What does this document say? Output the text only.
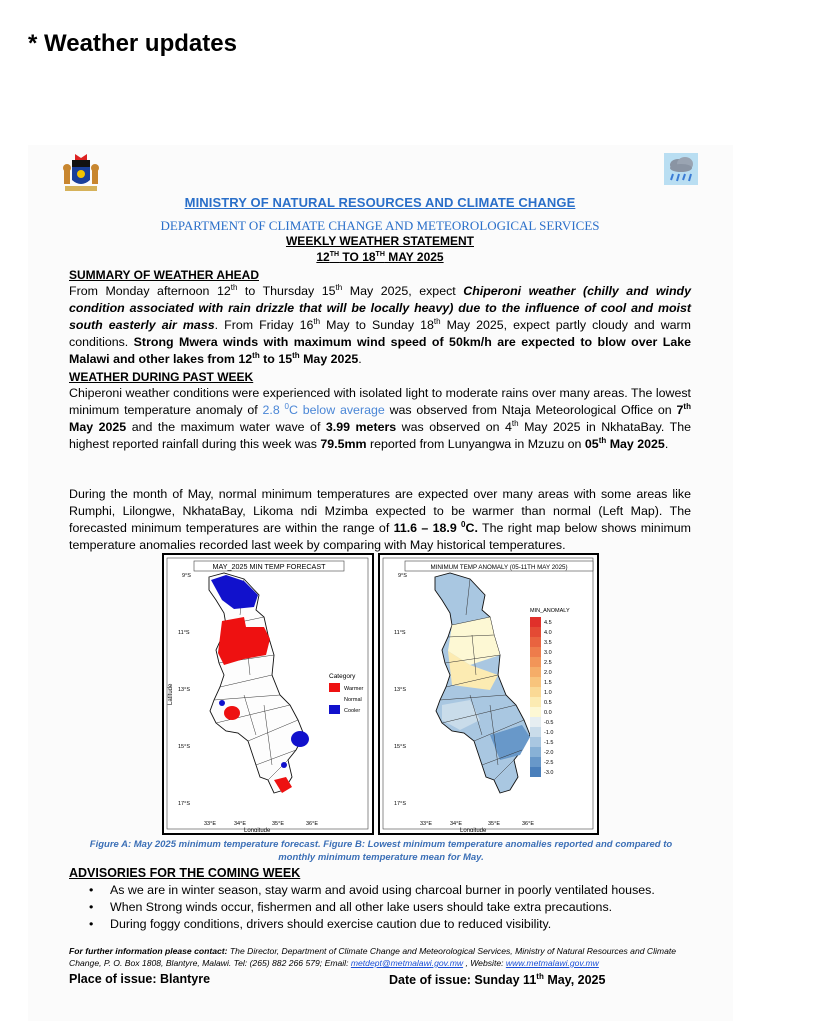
* Weather updates
MINISTRY OF NATURAL RESOURCES AND CLIMATE CHANGE
DEPARTMENT OF CLIMATE CHANGE AND METEOROLOGICAL SERVICES
WEEKLY WEATHER STATEMENT
12TH TO 18TH MAY 2025
SUMMARY OF WEATHER AHEAD
From Monday afternoon 12th to Thursday 15th May 2025, expect Chiperoni weather (chilly and windy condition associated with rain drizzle that will be locally heavy) due to the influence of cool and moist south easterly air mass. From Friday 16th May to Sunday 18th May 2025, expect partly cloudy and warm conditions. Strong Mwera winds with maximum wind speed of 50km/h are expected to blow over Lake Malawi and other lakes from 12th to 15th May 2025.
WEATHER DURING PAST WEEK
Chiperoni weather conditions were experienced with isolated light to moderate rains over many areas. The lowest minimum temperature anomaly of 2.8 $^0$C below average was observed from Ntaja Meteorological Office on 7th May 2025 and the maximum water wave of 3.99 meters was observed on 4th May 2025 in NkhataBay. The highest reported rainfall during this week was 79.5mm reported from Lunyangwa in Mzuzu on 05th May 2025.
During the month of May, normal minimum temperatures are expected over many areas with some areas like Rumphi, Lilongwe, NkhataBay, Likoma ndi Mzimba expected to be warmer than normal (Left Map). The forecasted minimum temperatures are within the range of 11.6 – 18.9 $^0$C. The right map below shows minimum temperature anomalies recorded last week by comparing with May historical temperatures.
MAY_2025 MIN TEMP FORECAST
Latitude
9°S
11°S
13°S
15°S
17°S
33°E	34°E	35°E	36°E
Longitude
Category
Warmer
Normal
Cooler
MINIMUM TEMP ANOMALY (05-11TH MAY 2025)
9°S
11°S
13°S
15°S
17°S
33°E	34°E	35°E	36°E
Longitude
MIN_ANOMALY
4.5
4.0
3.5
3.0
2.5
2.0
1.5
1.0
0.5
0.0
-0.5
-1.0
-1.5
-2.0
-2.5
-3.0
Figure A: May 2025 minimum temperature forecast. Figure B: Lowest minimum temperature anomalies reported and compared to
monthly minimum temperature mean for May.
ADVISORIES FOR THE COMING WEEK
• As we are in winter season, stay warm and avoid using charcoal burner in poorly ventilated houses.
• When Strong winds occur, fishermen and all other lake users should take extra precautions.
• During foggy conditions, drivers should exercise caution due to reduced visibility.
For further information please contact: The Director, Department of Climate Change and Meteorological Services, Ministry of Natural Resources and Climate Change, P. O. Box 1808, Blantyre, Malawi. Tel: (265) 882 266 579; Email: metdept@metmalawi.gov.mw , Website: www.metmalawi.gov.mw
Place of issue: Blantyre	Date of issue: Sunday 11th May, 2025
